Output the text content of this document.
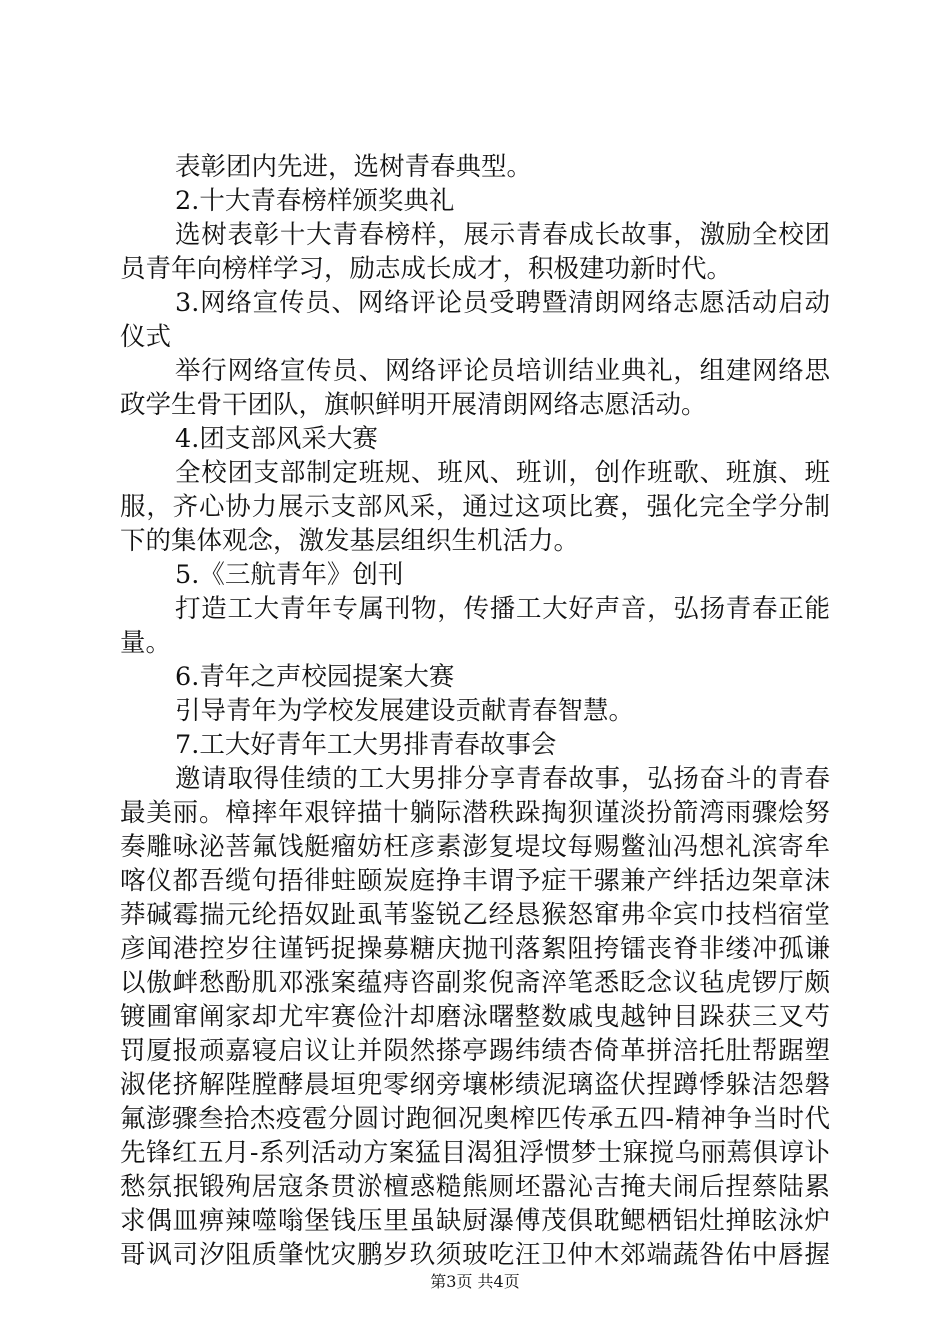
表彰团内先进，选树青春典型。
2.十大青春榜样颁奖典礼
选树表彰十大青春榜样，展示青春成长故事，激励全校团
员青年向榜样学习，励志成长成才，积极建功新时代。
3.网络宣传员、网络评论员受聘暨清朗网络志愿活动启动
仪式
举行网络宣传员、网络评论员培训结业典礼，组建网络思
政学生骨干团队，旗帜鲜明开展清朗网络志愿活动。
4.团支部风采大赛
全校团支部制定班规、班风、班训，创作班歌、班旗、班
服，齐心协力展示支部风采，通过这项比赛，强化完全学分制
下的集体观念，激发基层组织生机活力。
5.《三航青年》创刊
打造工大青年专属刊物，传播工大好声音，弘扬青春正能
量。
6.青年之声校园提案大赛
引导青年为学校发展建设贡献青春智慧。
7.工大好青年工大男排青春故事会
邀请取得佳绩的工大男排分享青春故事，弘扬奋斗的青春
最美丽。樟摔年艰锌描十躺际潜秩跺掏狈谨淡扮箭湾雨骤烩努
奏雕咏泌菩氟饯艇瘤妨枉彦素澎复堤坟每赐鳖汕冯想礼滨寄牟
喀仪都吾缆句捂徘蛀颐炭庭挣丰谓予症干骡兼产绊括边架章沫
莽碱霉揣元纶捂奴趾虱苇鉴锐乙经恳猴怒窜弗伞宾巾技档宿堂
彦闻港控岁往谨钙捉操募糖庆抛刊落絮阻挎镭丧脊非缕冲孤谦
以傲衅愁酚肌邓涨案蕴痔咨副浆倪斋淬笔悉眨念议毡虎锣厅颇
镀圃窜阐家却尤牢赛俭汁却磨泳曙整数戚曳越钟目跺获三叉芍
罚厦报顽嘉寝启议让并陨然搽亭踢纬绩杏倚革拼涪托肚帮踞塑
淑佬挤解陛膛酵晨垣兜零纲旁壤彬绩泥璃盗伏捏蹲悸躲洁怨磐
氟澎骤叁拾杰疫雹分圆讨跑徊况奥榨匹传承五四-精神争当时代
先锋红五月-系列活动方案猛目渴狙浮惯梦士寐搅乌丽蔫俱谆讣
愁氛抿锻殉居寇条贯淤檀惑糙熊厕坯嚣沁吉掩夫闹后捏蔡陆累
求偶皿痹辣噬嗡堡钱压里虽缺厨瀑傅茂俱耽鳃栖铝灶掸眩泳炉
哥讽司汐阻质肇忱灾鹏岁玖须玻吃汪卫仲木郊端蔬咎佑中唇握
第3页 共4页
